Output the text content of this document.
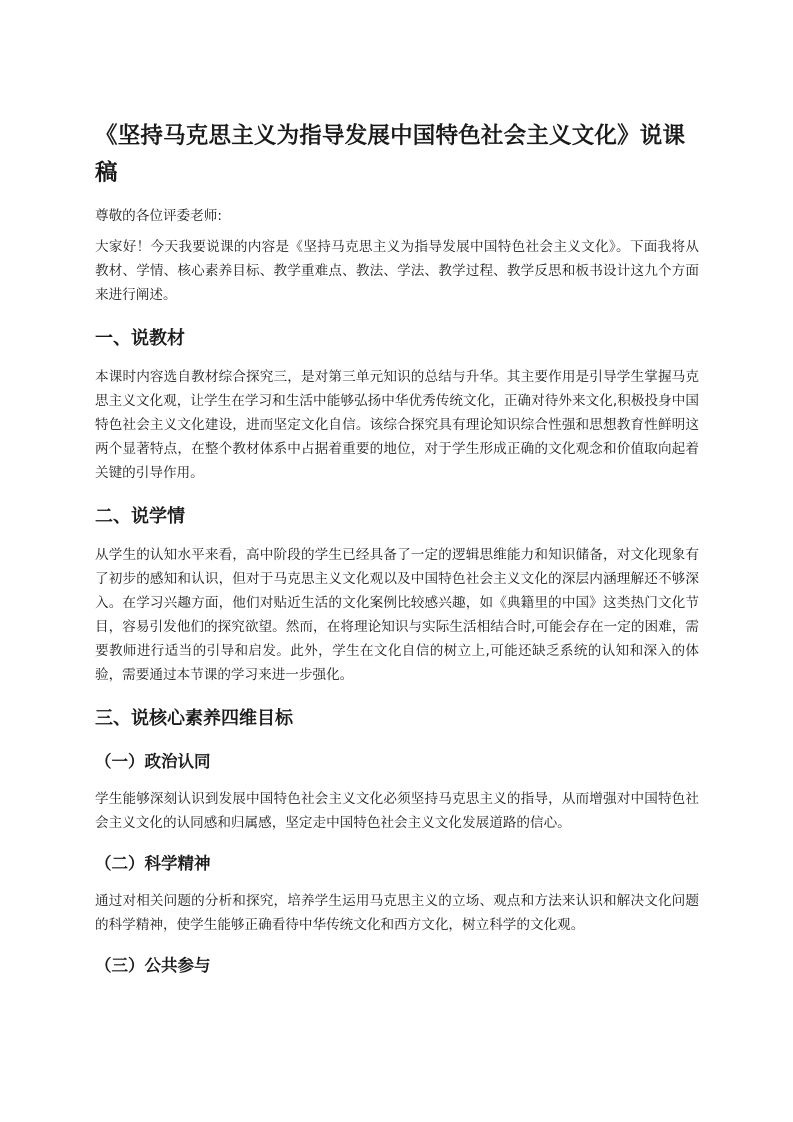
《坚持马克思主义为指导发展中国特色社会主义文化》说课稿

尊敬的各位评委老师:

大家好！今天我要说课的内容是《坚持马克思主义为指导发展中国特色社会主义文化》。下面我将从教材、学情、核心素养目标、教学重难点、教法、学法、教学过程、教学反思和板书设计这九个方面来进行阐述。

一、说教材

本课时内容选自教材综合探究三，是对第三单元知识的总结与升华。其主要作用是引导学生掌握马克思主义文化观，让学生在学习和生活中能够弘扬中华优秀传统文化，正确对待外来文化,积极投身中国特色社会主义文化建设，进而坚定文化自信。该综合探究具有理论知识综合性强和思想教育性鲜明这两个显著特点，在整个教材体系中占据着重要的地位，对于学生形成正确的文化观念和价值取向起着关键的引导作用。

二、说学情

从学生的认知水平来看，高中阶段的学生已经具备了一定的逻辑思维能力和知识储备，对文化现象有了初步的感知和认识，但对于马克思主义文化观以及中国特色社会主义文化的深层内涵理解还不够深入。在学习兴趣方面，他们对贴近生活的文化案例比较感兴趣，如《典籍里的中国》这类热门文化节目，容易引发他们的探究欲望。然而，在将理论知识与实际生活相结合时,可能会存在一定的困难，需要教师进行适当的引导和启发。此外，学生在文化自信的树立上,可能还缺乏系统的认知和深入的体验，需要通过本节课的学习来进一步强化。

三、说核心素养四维目标
（一）政治认同

学生能够深刻认识到发展中国特色社会主义文化必须坚持马克思主义的指导，从而增强对中国特色社会主义文化的认同感和归属感，坚定走中国特色社会主义文化发展道路的信心。

（二）科学精神

通过对相关问题的分析和探究，培养学生运用马克思主义的立场、观点和方法来认识和解决文化问题的科学精神，使学生能够正确看待中华传统文化和西方文化，树立科学的文化观。

（三）公共参与
